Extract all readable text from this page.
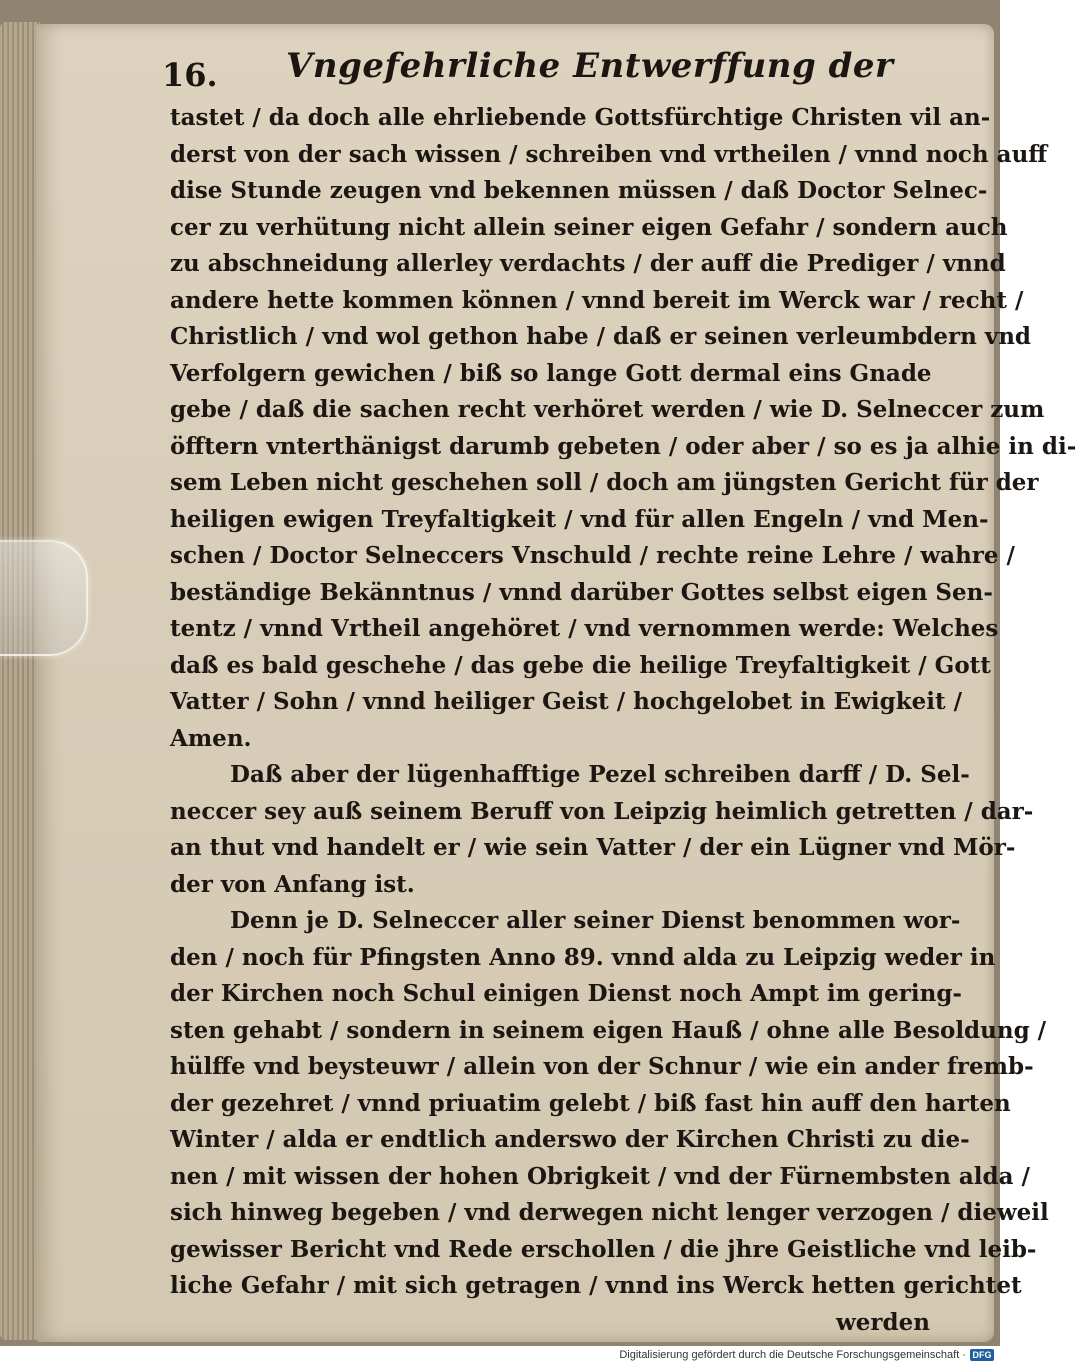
16. Vngefehrliche Entwerffung der
tastet / da doch alle ehrliebende Gottsfürchtige Christen vil an-
derst von der sach wissen / schreiben vnd vrtheilen / vnnd noch auff
dise Stunde zeugen vnd bekennen müssen / daß Doctor Selnec-
cer zu verhütung nicht allein seiner eigen Gefahr / sondern auch
zu abschneidung allerley verdachts / der auff die Prediger / vnnd
andere hette kommen können / vnnd bereit im Werck war / recht /
Christlich / vnd wol gethon habe / daß er seinen verleumbdern vnd
Verfolgern gewichen / biß so lange Gott dermal eins Gnade
gebe / daß die sachen recht verhöret werden / wie D. Selneccer zum
öfftern vnterthänigst darumb gebeten / oder aber / so es ja alhie in di-
sem Leben nicht geschehen soll / doch am jüngsten Gericht für der
heiligen ewigen Treyfaltigkeit / vnd für allen Engeln / vnd Men-
schen / Doctor Selneccers Vnschuld / rechte reine Lehre / wahre /
beständige Bekänntnus / vnnd darüber Gottes selbst eigen Sen-
tentz / vnnd Vrtheil angehöret / vnd vernommen werde: Welches
daß es bald geschehe / das gebe die heilige Treyfaltigkeit / Gott
Vatter / Sohn / vnnd heiliger Geist / hochgelobet in Ewigkeit /
Amen.
Daß aber der lügenhafftige Pezel schreiben darff / D. Sel-
neccer sey auß seinem Beruff von Leipzig heimlich getretten / dar-
an thut vnd handelt er / wie sein Vatter / der ein Lügner vnd Mör-
der von Anfang ist.
Denn je D. Selneccer aller seiner Dienst benommen wor-
den / noch für Pfingsten Anno 89. vnnd alda zu Leipzig weder in
der Kirchen noch Schul einigen Dienst noch Ampt im gering-
sten gehabt / sondern in seinem eigen Hauß / ohne alle Besoldung /
hülffe vnd beysteuwr / allein von der Schnur / wie ein ander fremb-
der gezehret / vnnd priuatim gelebt / biß fast hin auff den harten
Winter / alda er endtlich anderswo der Kirchen Christi zu die-
nen / mit wissen der hohen Obrigkeit / vnd der Fürnembsten alda /
sich hinweg begeben / vnd derwegen nicht lenger verzogen / dieweil
gewisser Bericht vnd Rede erschollen / die jhre Geistliche vnd leib-
liche Gefahr / mit sich getragen / vnnd ins Werck hetten gerichtet
werden
Digitalisierung gefördert durch die Deutsche Forschungsgemeinschaft · DFG
